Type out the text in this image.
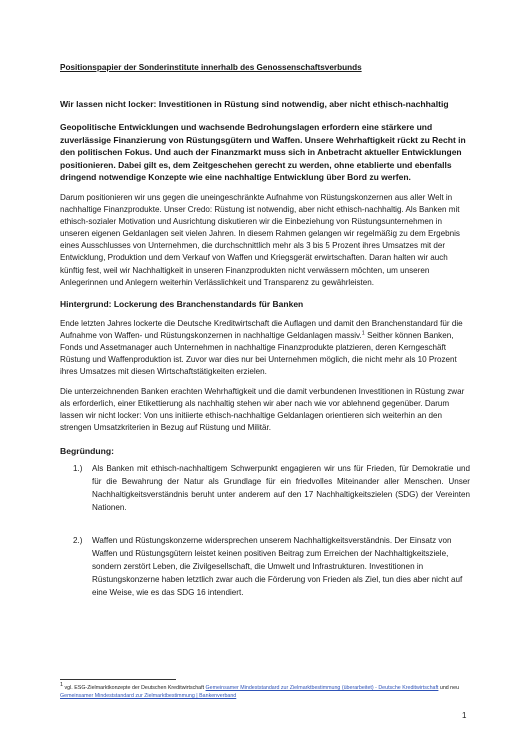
Positionspapier der Sonderinstitute innerhalb des Genossenschaftsverbunds

Wir lassen nicht locker: Investitionen in Rüstung sind notwendig, aber nicht ethisch-nachhaltig

Geopolitische Entwicklungen und wachsende Bedrohungslagen erfordern eine stärkere und zuverlässige Finanzierung von Rüstungsgütern und Waffen. Unsere Wehrhaftigkeit rückt zu Recht in den politischen Fokus. Und auch der Finanzmarkt muss sich in Anbetracht aktueller Entwicklungen positionieren. Dabei gilt es, dem Zeitgeschehen gerecht zu werden, ohne etablierte und ebenfalls dringend notwendige Konzepte wie eine nachhaltige Entwicklung über Bord zu werfen.

Darum positionieren wir uns gegen die uneingeschränkte Aufnahme von Rüstungskonzernen aus aller Welt in nachhaltige Finanzprodukte. Unser Credo: Rüstung ist notwendig, aber nicht ethisch-nachhaltig. Als Banken mit ethisch-sozialer Motivation und Ausrichtung diskutieren wir die Einbeziehung von Rüstungsunternehmen in unseren eigenen Geldanlagen seit vielen Jahren. In diesem Rahmen gelangen wir regelmäßig zu dem Ergebnis eines Ausschlusses von Unternehmen, die durchschnittlich mehr als 3 bis 5 Prozent ihres Umsatzes mit der Entwicklung, Produktion und dem Verkauf von Waffen und Kriegsgerät erwirtschaften. Daran halten wir auch künftig fest, weil wir Nachhaltigkeit in unseren Finanzprodukten nicht verwässern möchten, um unseren Anlegerinnen und Anlegern weiterhin Verlässlichkeit und Transparenz zu gewährleisten.

Hintergrund: Lockerung des Branchenstandards für Banken

Ende letzten Jahres lockerte die Deutsche Kreditwirtschaft die Auflagen und damit den Branchenstandard für die Aufnahme von Waffen- und Rüstungskonzernen in nachhaltige Geldanlagen massiv.$^1$ Seither können Banken, Fonds und Assetmanager auch Unternehmen in nachhaltige Finanzprodukte platzieren, deren Kerngeschäft Rüstung und Waffenproduktion ist. Zuvor war dies nur bei Unternehmen möglich, die nicht mehr als 10 Prozent ihres Umsatzes mit diesen Wirtschaftstätigkeiten erzielen.

Die unterzeichnenden Banken erachten Wehrhaftigkeit und die damit verbundenen Investitionen in Rüstung zwar als erforderlich, einer Etikettierung als nachhaltig stehen wir aber nach wie vor ablehnend gegenüber. Darum lassen wir nicht locker: Von uns initiierte ethisch-nachhaltige Geldanlagen orientieren sich weiterhin an den strengen Umsatzkriterien in Bezug auf Rüstung und Militär.

Begründung:

1.)	Als Banken mit ethisch-nachhaltigem Schwerpunkt engagieren wir uns für Frieden, für Demokratie und für die Bewahrung der Natur als Grundlage für ein friedvolles Miteinander aller Menschen. Unser Nachhaltigkeitsverständnis beruht unter anderem auf den 17 Nachhaltigkeitszielen (SDG) der Vereinten Nationen.
2.)	Waffen und Rüstungskonzerne widersprechen unserem Nachhaltigkeitsverständnis. Der Einsatz von Waffen und Rüstungsgütern leistet keinen positiven Beitrag zum Erreichen der Nachhaltigkeitsziele, sondern zerstört Leben, die Zivilgesellschaft, die Umwelt und Infrastrukturen. Investitionen in Rüstungskonzerne haben letztlich zwar auch die Förderung von Frieden als Ziel, tun dies aber nicht auf eine Weise, wie es das SDG 16 intendiert.

$^1$ vgl. ESG-Zielmarktkonzepte der Deutschen Kreditwirtschaft Gemeinsamer Mindeststandard zur Zielmarktbestimmung (überarbeitet) - Deutsche Kreditwirtschaft und neu Gemeinsamer Mindeststandard zur Zielmarktbestimmung | Bankenverband

1
